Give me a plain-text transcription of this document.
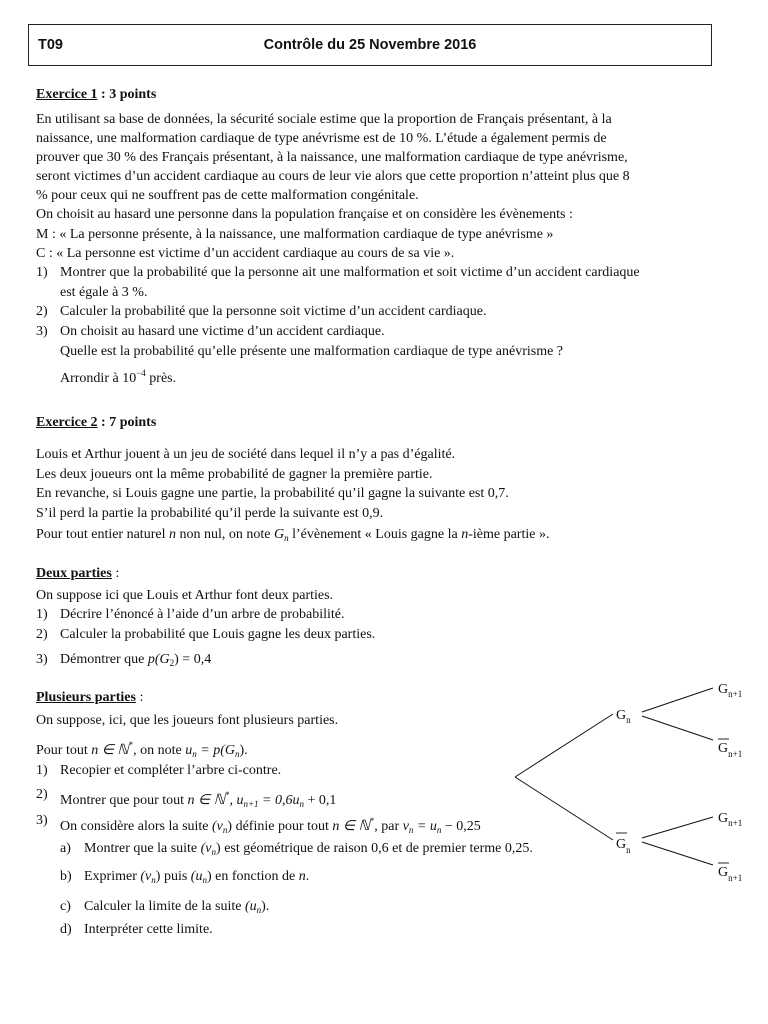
T09	Contrôle du 25 Novembre 2016
Exercice 1 : 3 points
En utilisant sa base de données, la sécurité sociale estime que la proportion de Français présentant, à la
naissance, une malformation cardiaque de type anévrisme est de 10 %. L’étude a également permis de
prouver que 30 % des Français présentant, à la naissance, une malformation cardiaque de type anévrisme,
seront victimes d’un accident cardiaque au cours de leur vie alors que cette proportion n’atteint plus que 8
% pour ceux qui ne souffrent pas de cette malformation congénitale.
On choisit au hasard une personne dans la population française et on considère les évènements :
M : « La personne présente, à la naissance, une malformation cardiaque de type anévrisme »
C : « La personne est victime d’un accident cardiaque au cours de sa vie ».
1) Montrer que la probabilité que la personne ait une malformation et soit victime d’un accident cardiaque
est égale à 3 %.
2) Calculer la probabilité que la personne soit victime d’un accident cardiaque.
3) On choisit au hasard une victime d’un accident cardiaque.
Quelle est la probabilité qu’elle présente une malformation cardiaque de type anévrisme ?
Arrondir à $10^{-4}$ près.
Exercice 2 : 7 points
Louis et Arthur jouent à un jeu de société dans lequel il n’y a pas d’égalité.
Les deux joueurs ont la même probabilité de gagner la première partie.
En revanche, si Louis gagne une partie, la probabilité qu’il gagne la suivante est 0,7.
S’il perd la partie la probabilité qu’il perde la suivante est 0,9.
Pour tout entier naturel n non nul, on note $G_n$ l’évènement « Louis gagne la n-ième partie ».
Deux parties :
On suppose ici que Louis et Arthur font deux parties.
1) Décrire l’énoncé à l’aide d’un arbre de probabilité.
2) Calculer la probabilité que Louis gagne les deux parties.
3) Démontrer que $p(G_2) = 0,4$
Plusieurs parties :
On suppose, ici, que les joueurs font plusieurs parties.
Pour tout n ∈ ℕ*, on note $u_n = p(G_n)$.
1) Recopier et compléter l’arbre ci-contre.
2) Montrer que pour tout n ∈ ℕ*, $u_{n+1} = 0,6u_n + 0,1$
3) On considère alors la suite $(v_n)$ définie pour tout n ∈ ℕ*, par $v_n = u_n - 0,25$
a) Montrer que la suite $(v_n)$ est géométrique de raison 0,6 et de premier terme 0,25.
b) Exprimer $(v_n)$ puis $(u_n)$ en fonction de n.
c) Calculer la limite de la suite $(u_n)$.
d) Interpréter cette limite.
$G_n$
$G_n$
$G_{n+1}$
$G_{n+1}$
$G_{n+1}$
$G_{n+1}$
